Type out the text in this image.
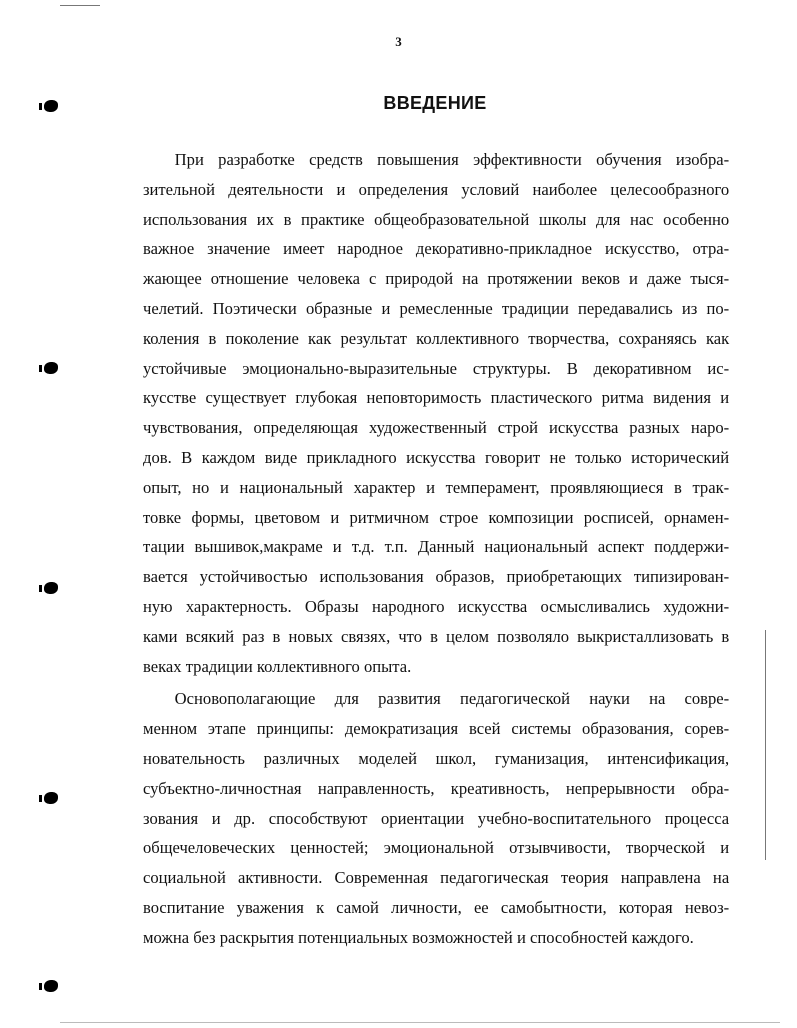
3
ВВЕДЕНИЕ
При разработке средств повышения эффективности обучения изобра-
зительной деятельности и определения условий наиболее целесообразного
использования их в практике общеобразовательной школы для нас особенно
важное значение имеет народное декоративно-прикладное искусство, отра-
жающее отношение человека с природой на протяжении веков и даже тыся-
челетий. Поэтически образные и ремесленные традиции передавались из по-
коления в поколение как результат коллективного творчества, сохраняясь как
устойчивые эмоционально-выразительные структуры. В декоративном ис-
кусстве существует глубокая неповторимость пластического ритма видения и
чувствования, определяющая художественный строй искусства разных наро-
дов. В каждом виде прикладного искусства говорит не только исторический
опыт, но и национальный характер и темперамент, проявляющиеся в трак-
товке формы, цветовом и ритмичном строе композиции росписей, орнамен-
тации вышивок,макраме и т.д. т.п. Данный национальный аспект поддержи-
вается устойчивостью использования образов, приобретающих типизирован-
ную характерность. Образы народного искусства осмысливались художни-
ками всякий раз в новых связях, что в целом позволяло выкристаллизовать в
веках традиции коллективного опыта.
Основополагающие для развития педагогической науки на совре-
менном этапе принципы: демократизация всей системы образования, сорев-
новательность различных моделей школ, гуманизация, интенсификация,
субъектно-личностная направленность, креативность, непрерывности обра-
зования и др. способствуют ориентации учебно-воспитательного процесса
общечеловеческих ценностей; эмоциональной отзывчивости, творческой и
социальной активности. Современная педагогическая теория направлена на
воспитание уважения к самой личности, ее самобытности, которая невоз-
можна без раскрытия потенциальных возможностей и способностей каждого.
